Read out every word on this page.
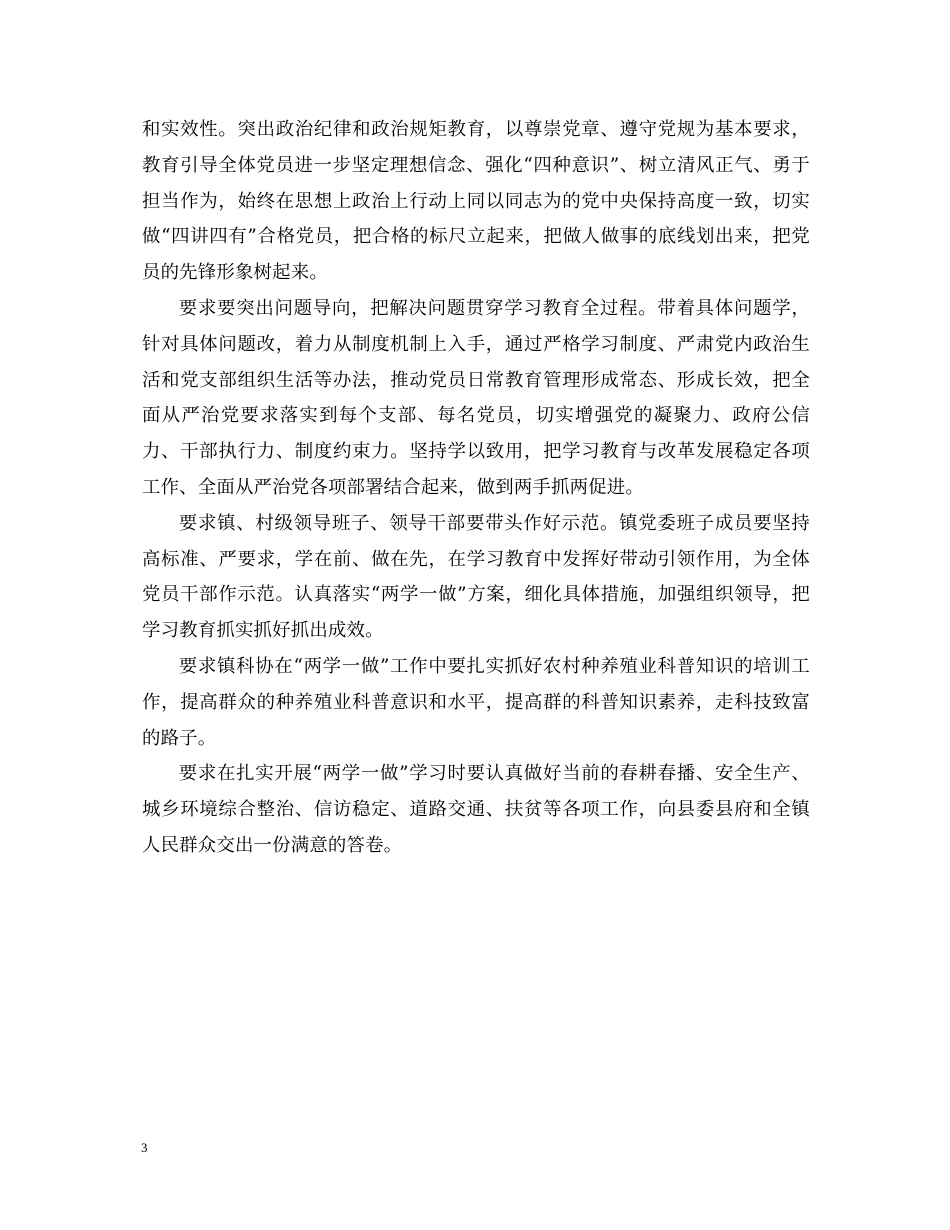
和实效性。突出政治纪律和政治规矩教育，以尊崇党章、遵守党规为基本要求，教育引导全体党员进一步坚定理想信念、强化“四种意识”、树立清风正气、勇于担当作为，始终在思想上政治上行动上同以同志为的党中央保持高度一致，切实做“四讲四有”合格党员，把合格的标尺立起来，把做人做事的底线划出来，把党员的先锋形象树起来。

要求要突出问题导向，把解决问题贯穿学习教育全过程。带着具体问题学，针对具体问题改，着力从制度机制上入手，通过严格学习制度、严肃党内政治生活和党支部组织生活等办法，推动党员日常教育管理形成常态、形成长效，把全面从严治党要求落实到每个支部、每名党员，切实增强党的凝聚力、政府公信力、干部执行力、制度约束力。坚持学以致用，把学习教育与改革发展稳定各项工作、全面从严治党各项部署结合起来，做到两手抓两促进。

要求镇、村级领导班子、领导干部要带头作好示范。镇党委班子成员要坚持高标准、严要求，学在前、做在先，在学习教育中发挥好带动引领作用，为全体党员干部作示范。认真落实“两学一做”方案，细化具体措施，加强组织领导，把学习教育抓实抓好抓出成效。

要求镇科协在“两学一做”工作中要扎实抓好农村种养殖业科普知识的培训工作，提高群众的种养殖业科普意识和水平，提高群的科普知识素养，走科技致富的路子。

要求在扎实开展“两学一做”学习时要认真做好当前的春耕春播、安全生产、城乡环境综合整治、信访稳定、道路交通、扶贫等各项工作，向县委县府和全镇人民群众交出一份满意的答卷。

3
